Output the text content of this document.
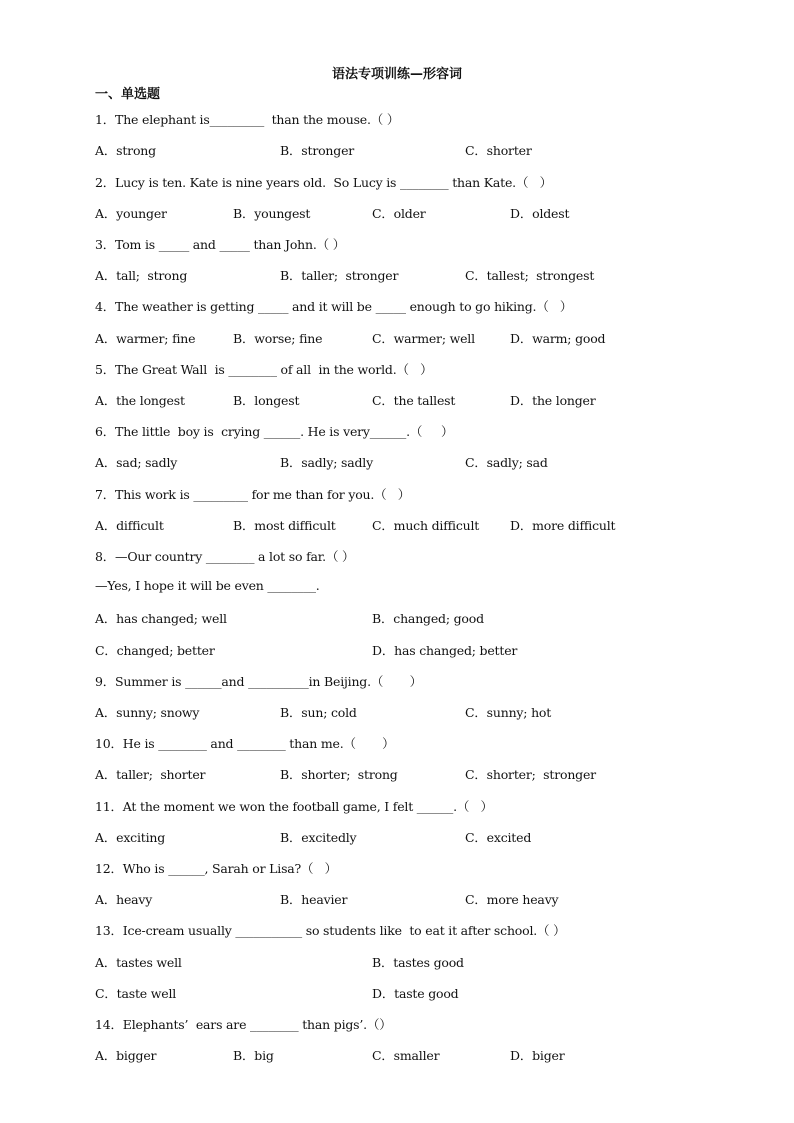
语法专项训练—形容词
一、单选题
1．The elephant is_________  than the mouse.（ ）
A．strong	B．stronger	C．shorter
2．Lucy is ten. Kate is nine years old.  So Lucy is ________ than Kate.（   ）
A．younger	B．youngest	C．older	D．oldest
3．Tom is _____ and _____ than John.（ ）
A．tall;  strong	B．taller;  stronger	C．tallest;  strongest
4．The weather is getting _____ and it will be _____ enough to go hiking.（   ）
A．warmer; fine	B．worse; fine	C．warmer; well	D．warm; good
5．The Great Wall  is ________ of all  in the world.（   ）
A．the longest	B．longest	C．the tallest	D．the longer
6．The little  boy is  crying ______. He is very______.（     ）
A．sad; sadly	B．sadly; sadly	C．sadly; sad
7．This work is _________ for me than for you.（   ）
A．difficult	B．most difficult	C．much difficult D．more difficult
8．—Our country ________ a lot so far.（ ）
—Yes, I hope it will be even ________.
A．has changed; well	B．changed; good
C．changed; better	D．has changed; better
9．Summer is ______and __________in Beijing.（       ）
A．sunny; snowy	B．sun; cold	C．sunny; hot
10．He is ________ and ________ than me.（       ）
A．taller;  shorter	B．shorter;  strong	C．shorter;  stronger
11．At the moment we won the football game, I felt ______.（   ）
A．exciting	B．excitedly	C．excited
12．Who is ______, Sarah or Lisa?（   ）
A．heavy	B．heavier	C．more heavy
13．Ice-cream usually ___________ so students like  to eat it after school.（ ）
A．tastes well	B．tastes good
C．taste well	D．taste good
14．Elephants’  ears are ________ than pigs’.（）
A．bigger	B．big	C．smaller	D．biger
